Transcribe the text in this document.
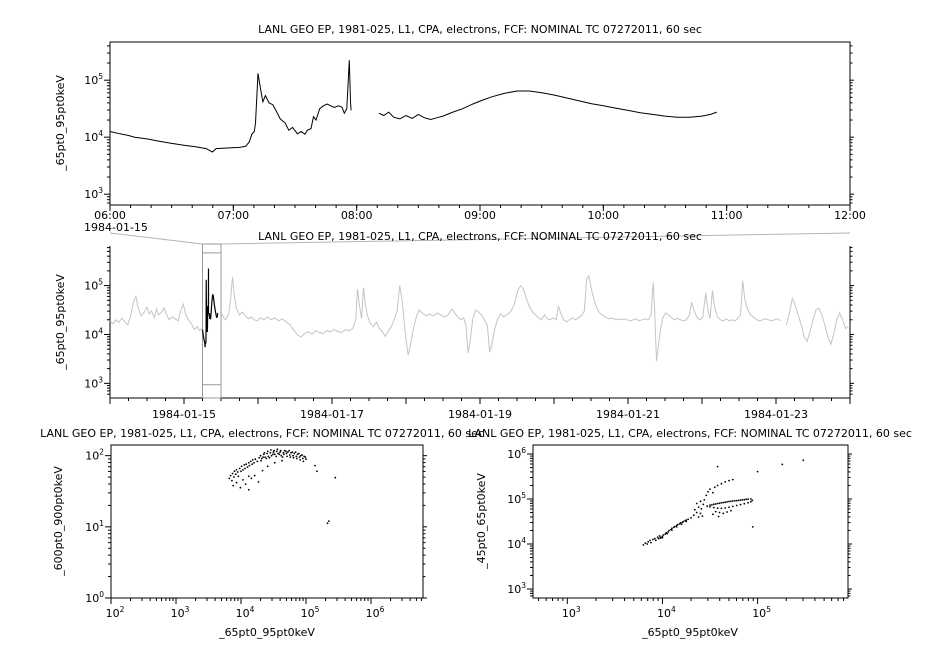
$10^3$
$10^4$
$10^5$
06:00	07:00	08:00	09:00	10:00	11:00	12:00
$10^3$
$10^4$
$10^5$
1984-01-15	1984-01-17	1984-01-19	1984-01-21	1984-01-23
$10^0$
$10^1$
$10^2$
$10^2$	$10^3$	$10^4$	$10^5$	$10^6$
$10^3$
$10^4$
$10^5$
$10^6$
$10^3$	$10^4$	$10^5$
LANL GEO EP, 1981-025, L1, CPA, electrons, FCF: NOMINAL TC 07272011, 60 sec
_65pt0_95pt0keV
1984-01-15
LANL GEO EP, 1981-025, L1, CPA, electrons, FCF: NOMINAL TC 07272011, 60 sec
_65pt0_95pt0keV
LANL GEO EP, 1981-025, L1, CPA, electrons, FCF: NOMINAL TC 07272011, 60 sec
_600pt0_900pt0keV
_65pt0_95pt0keV
LANL GEO EP, 1981-025, L1, CPA, electrons, FCF: NOMINAL TC 07272011, 60 sec
_45pt0_65pt0keV
_65pt0_95pt0keV
